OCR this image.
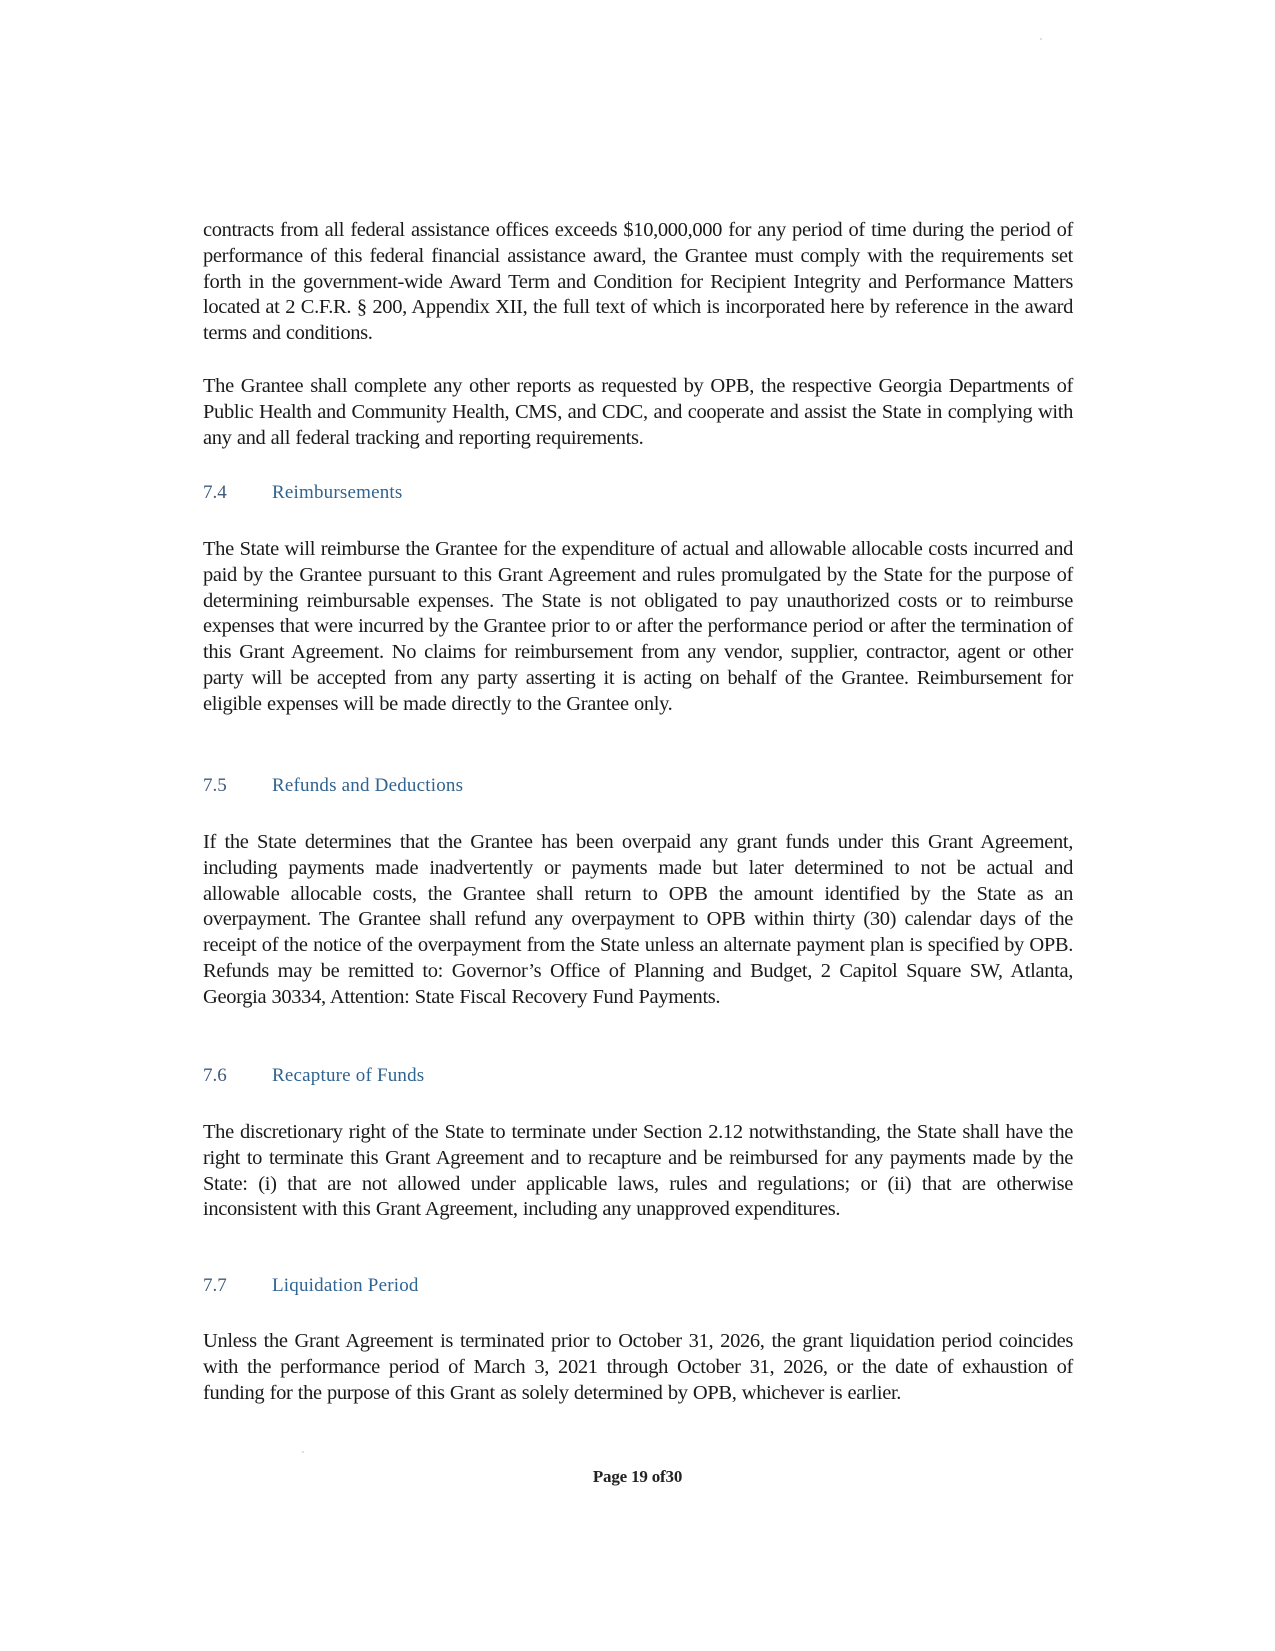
contracts from all federal assistance offices exceeds $10,000,000 for any period of time during the period of performance of this federal financial assistance award, the Grantee must comply with the requirements set forth in the government-wide Award Term and Condition for Recipient Integrity and Performance Matters located at 2 C.F.R. § 200, Appendix XII, the full text of which is incorporated here by reference in the award terms and conditions.

The Grantee shall complete any other reports as requested by OPB, the respective Georgia Departments of Public Health and Community Health, CMS, and CDC, and cooperate and assist the State in complying with any and all federal tracking and reporting requirements.

7.4	Reimbursements

The State will reimburse the Grantee for the expenditure of actual and allowable allocable costs incurred and paid by the Grantee pursuant to this Grant Agreement and rules promulgated by the State for the purpose of determining reimbursable expenses. The State is not obligated to pay unauthorized costs or to reimburse expenses that were incurred by the Grantee prior to or after the performance period or after the termination of this Grant Agreement. No claims for reimbursement from any vendor, supplier, contractor, agent or other party will be accepted from any party asserting it is acting on behalf of the Grantee. Reimbursement for eligible expenses will be made directly to the Grantee only.

7.5	Refunds and Deductions

If the State determines that the Grantee has been overpaid any grant funds under this Grant Agreement, including payments made inadvertently or payments made but later determined to not be actual and allowable allocable costs, the Grantee shall return to OPB the amount identified by the State as an overpayment. The Grantee shall refund any overpayment to OPB within thirty (30) calendar days of the receipt of the notice of the overpayment from the State unless an alternate payment plan is specified by OPB. Refunds may be remitted to: Governor’s Office of Planning and Budget, 2 Capitol Square SW, Atlanta, Georgia 30334, Attention: State Fiscal Recovery Fund Payments.

7.6	Recapture of Funds

The discretionary right of the State to terminate under Section 2.12 notwithstanding, the State shall have the right to terminate this Grant Agreement and to recapture and be reimbursed for any payments made by the State: (i) that are not allowed under applicable laws, rules and regulations; or (ii) that are otherwise inconsistent with this Grant Agreement, including any unapproved expenditures.

7.7	Liquidation Period

Unless the Grant Agreement is terminated prior to October 31, 2026, the grant liquidation period coincides with the performance period of March 3, 2021 through October 31, 2026, or the date of exhaustion of funding for the purpose of this Grant as solely determined by OPB, whichever is earlier.

Page 19 of30
